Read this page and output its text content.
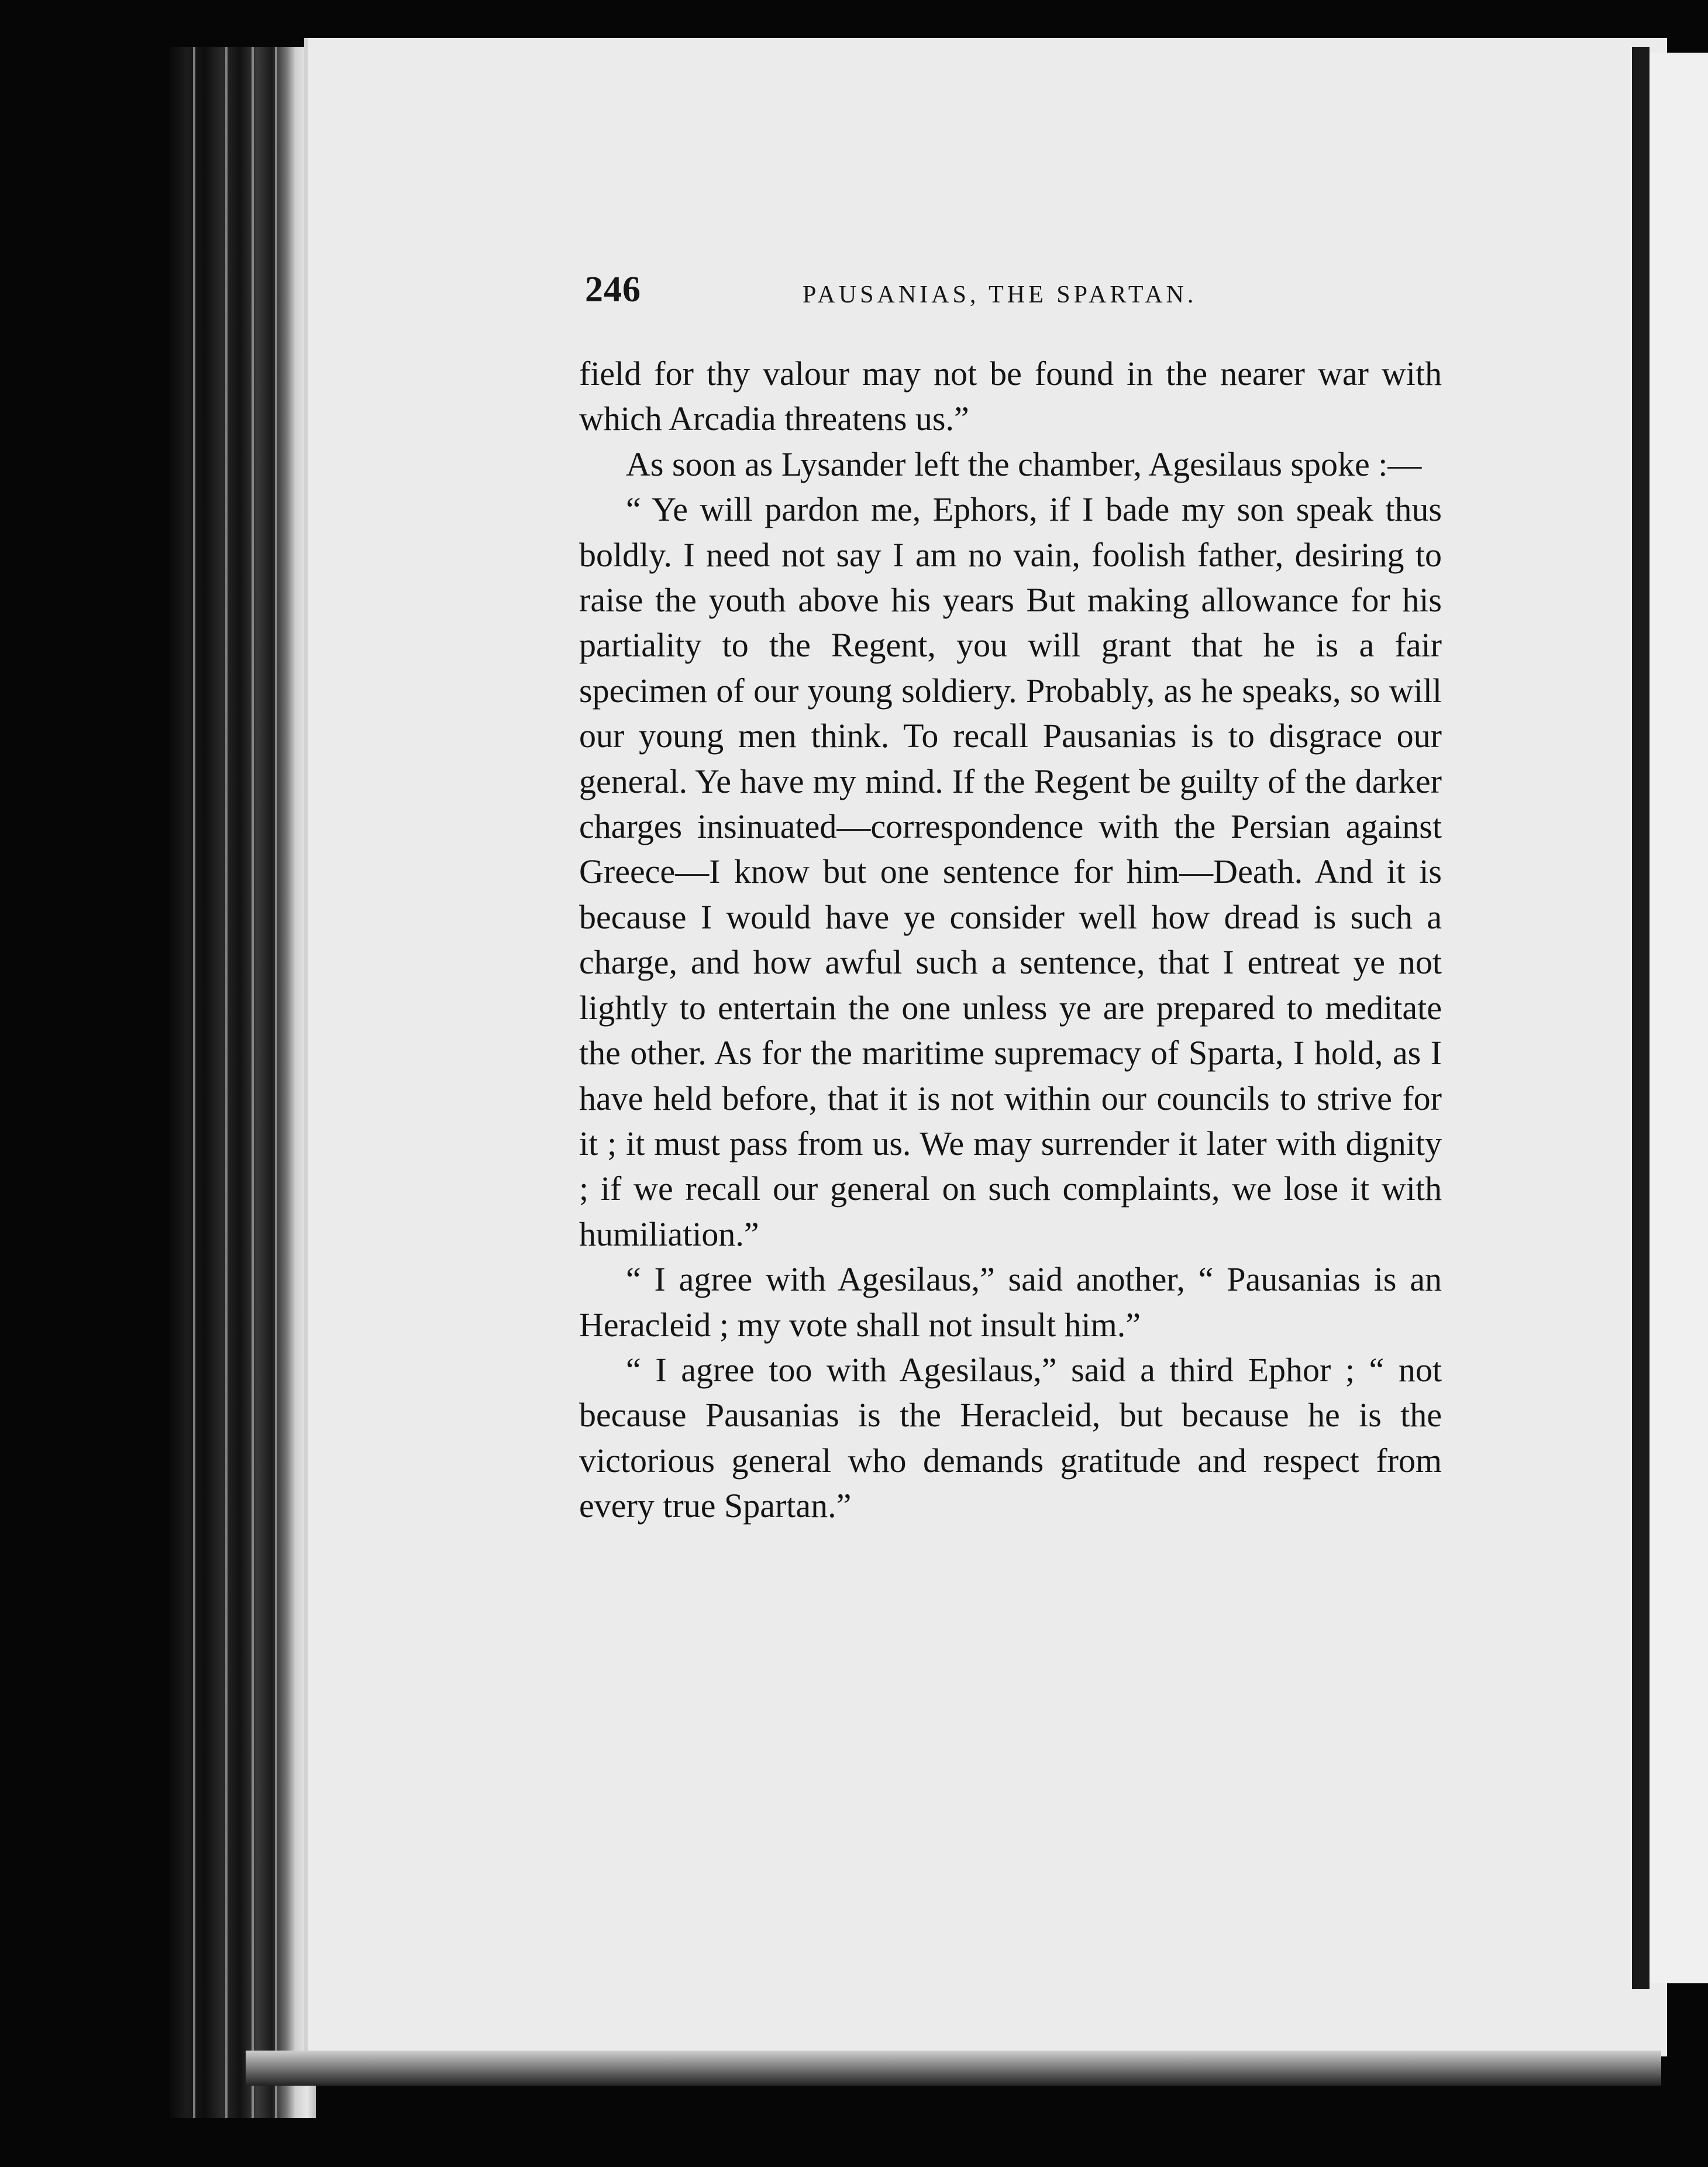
246	PAUSANIAS, THE SPARTAN.

field for thy valour may not be found in the nearer war with which Arcadia threatens us.”

As soon as Lysander left the chamber, Agesilaus spoke :—

“ Ye will pardon me, Ephors, if I bade my son speak thus boldly. I need not say I am no vain, foolish father, desiring to raise the youth above his years But making allowance for his partiality to the Regent, you will grant that he is a fair specimen of our young soldiery. Probably, as he speaks, so will our young men think. To recall Pausanias is to disgrace our general. Ye have my mind. If the Regent be guilty of the darker charges insinuated—correspondence with the Persian against Greece—I know but one sentence for him—Death. And it is because I would have ye consider well how dread is such a charge, and how awful such a sentence, that I entreat ye not lightly to entertain the one unless ye are prepared to meditate the other. As for the maritime supremacy of Sparta, I hold, as I have held before, that it is not within our councils to strive for it ; it must pass from us. We may surrender it later with dignity ; if we recall our general on such complaints, we lose it with humiliation.”

“ I agree with Agesilaus,” said another, “ Pausanias is an Heracleid ; my vote shall not insult him.”

“ I agree too with Agesilaus,” said a third Ephor ; “ not because Pausanias is the Heracleid, but because he is the victorious general who demands gratitude and respect from every true Spartan.”
